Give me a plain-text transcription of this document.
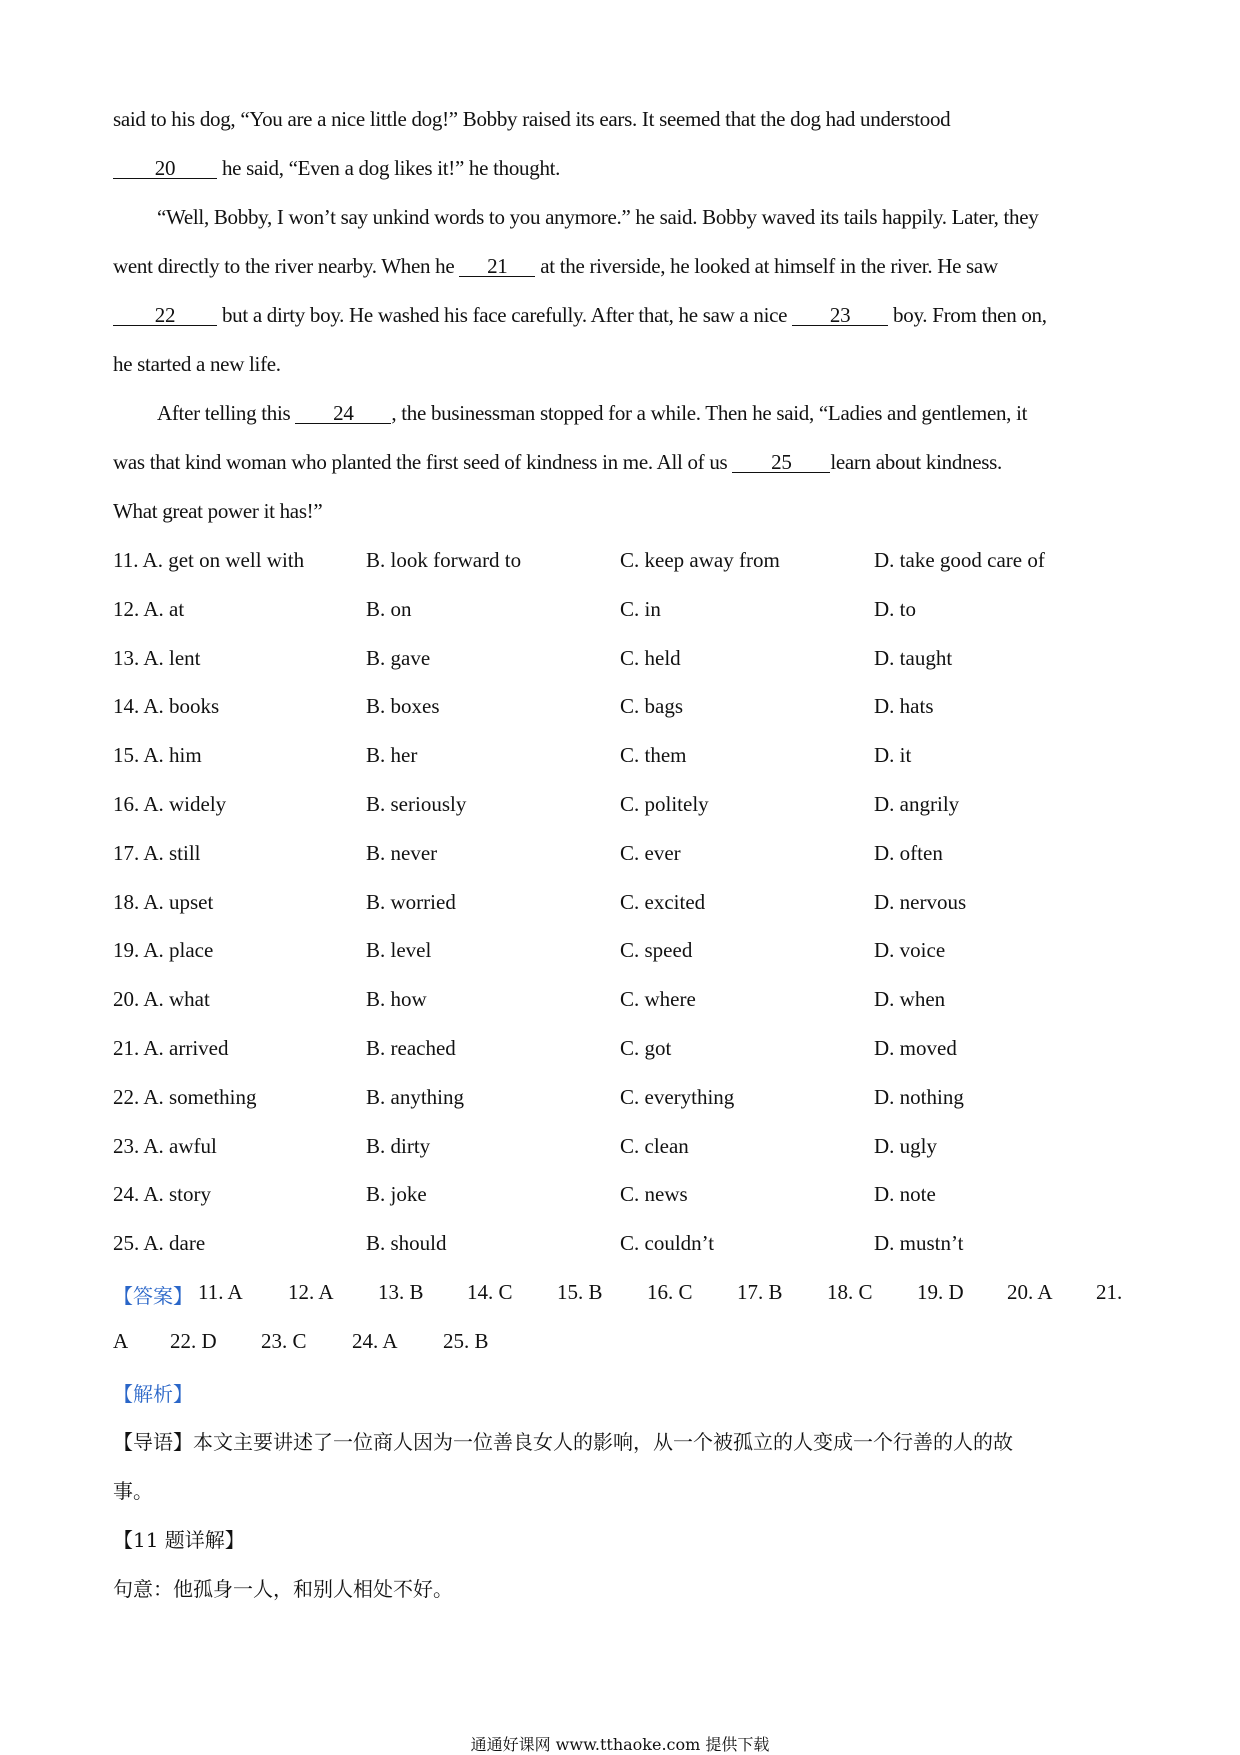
said to his dog, “You are a nice little dog!” Bobby raised its ears. It seemed that the dog had understood
20 he said, “Even a dog likes it!” he thought.
“Well, Bobby, I won’t say unkind words to you anymore.” he said. Bobby waved its tails happily. Later, they
went directly to the river nearby. When he 21 at the riverside, he looked at himself in the river. He saw
22 but a dirty boy. He washed his face carefully. After that, he saw a nice 23 boy. From then on,
he started a new life.
After telling this 24 , the businessman stopped for a while. Then he said, “Ladies and gentlemen, it
was that kind woman who planted the first seed of kindness in me. All of us 25 learn about kindness.
What great power it has!”
11. A. get on well with	B. look forward to	C. keep away from	D. take good care of
12. A. at	B. on	C. in	D. to
13. A. lent	B. gave	C. held	D. taught
14. A. books	B. boxes	C. bags	D. hats
15. A. him	B. her	C. them	D. it
16. A. widely	B. seriously	C. politely	D. angrily
17. A. still	B. never	C. ever	D. often
18. A. upset	B. worried	C. excited	D. nervous
19. A. place	B. level	C. speed	D. voice
20. A. what	B. how	C. where	D. when
21. A. arrived	B. reached	C. got	D. moved
22. A. something	B. anything	C. everything	D. nothing
23. A. awful	B. dirty	C. clean	D. ugly
24. A. story	B. joke	C. news	D. note
25. A. dare	B. should	C. couldn’t	D. mustn’t
【答案】 11. A 12. A 13. B 14. C 15. B 16. C 17. B 18. C 19. D 20. A 21.
A 22. D 23. C 24. A 25. B
【解析】
【导语】本文主要讲述了一位商人因为一位善良女人的影响，从一个被孤立的人变成一个行善的人的故
事。
【11 题详解】
句意：他孤身一人，和别人相处不好。
通通好课网 www.tthaoke.com 提供下载
